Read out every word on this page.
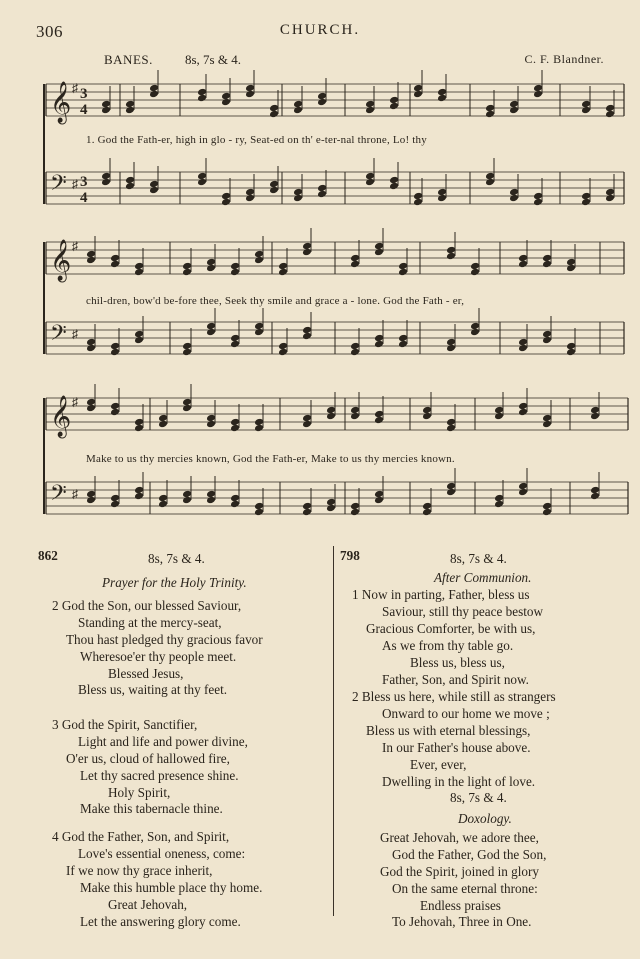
306	CHURCH.
BANES. 8s, 7s & 4.	C. F. Blandner.
𝄞 ♯ 3
4
𝄢 ♯ 3
4
𝄞 ♯
𝄢 ♯
𝄞 ♯
𝄢 ♯
1. God the Fath-er, high in glo - ry, Seat-ed on th' e-ter-nal throne, Lo! thy
chil-dren, bow'd be-fore thee, Seek thy smile and grace a - lone. God the Fath - er,
Make to us thy mercies known, God the Fath-er, Make to us thy mercies known.
862	8s, 7s & 4.
Prayer for the Holy Trinity.
2 God the Son, our blessed Saviour,
Standing at the mercy-seat,
Thou hast pledged thy gracious favor
Wheresoe'er thy people meet.
Blessed Jesus,
Bless us, waiting at thy feet.
3 God the Spirit, Sanctifier,
Light and life and power divine,
O'er us, cloud of hallowed fire,
Let thy sacred presence shine.
Holy Spirit,
Make this tabernacle thine.
4 God the Father, Son, and Spirit,
Love's essential oneness, come:
If we now thy grace inherit,
Make this humble place thy home.
Great Jehovah,
Let the answering glory come.
798	8s, 7s & 4.
After Communion.
1 Now in parting, Father, bless us
Saviour, still thy peace bestow
Gracious Comforter, be with us,
As we from thy table go.
Bless us, bless us,
Father, Son, and Spirit now.
2 Bless us here, while still as strangers
Onward to our home we move ;
Bless us with eternal blessings,
In our Father's house above.
Ever, ever,
Dwelling in the light of love.
8s, 7s & 4.
Doxology.
Great Jehovah, we adore thee,
God the Father, God the Son,
God the Spirit, joined in glory
On the same eternal throne:
Endless praises
To Jehovah, Three in One.
